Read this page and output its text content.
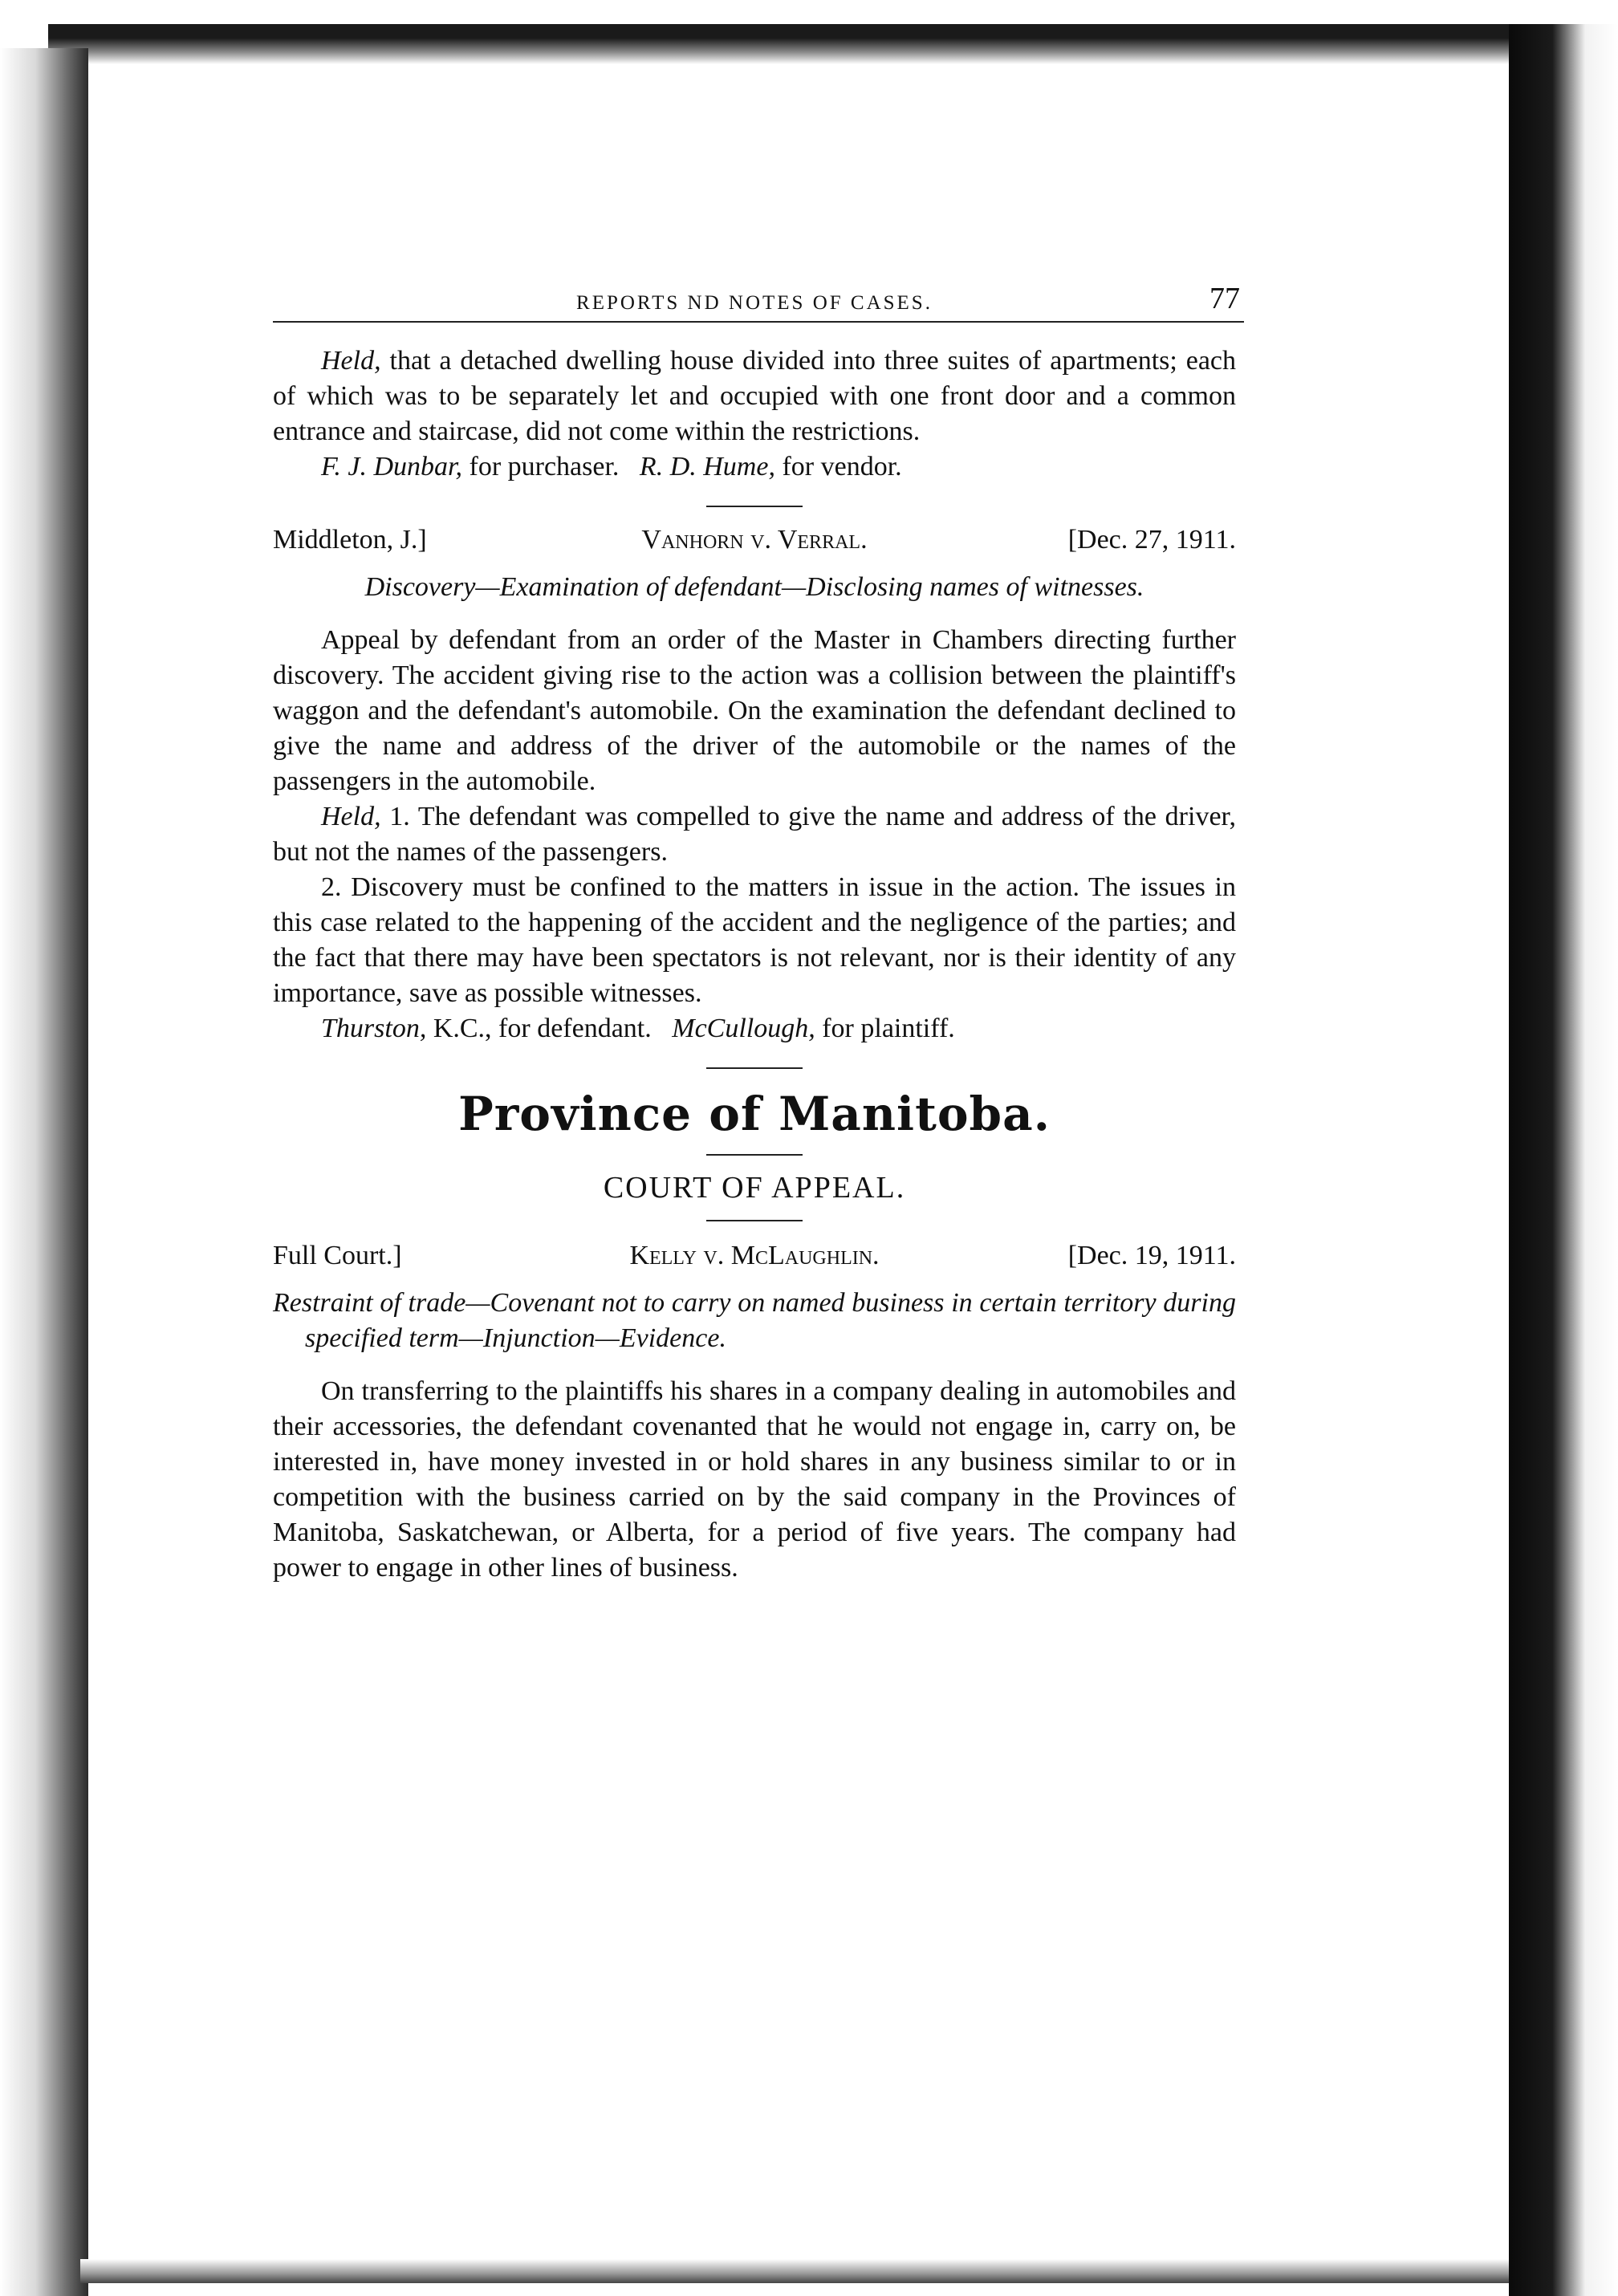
REPORTS ND NOTES OF CASES.	77

Held, that a detached dwelling house divided into three suites of apartments; each of which was to be separately let and occupied with one front door and a common entrance and staircase, did not come within the restrictions.

F. J. Dunbar, for purchaser. R. D. Hume, for vendor.

Middleton, J.]	Vanhorn v. Verral.	[Dec. 27, 1911.
Discovery—Examination of defendant—Disclosing names of witnesses.

Appeal by defendant from an order of the Master in Chambers directing further discovery. The accident giving rise to the action was a collision between the plaintiff's waggon and the defendant's automobile. On the examination the defendant declined to give the name and address of the driver of the automobile or the names of the passengers in the automobile.

Held, 1. The defendant was compelled to give the name and address of the driver, but not the names of the passengers.

2. Discovery must be confined to the matters in issue in the action. The issues in this case related to the happening of the accident and the negligence of the parties; and the fact that there may have been spectators is not relevant, nor is their identity of any importance, save as possible witnesses.

Thurston, K.C., for defendant. McCullough, for plaintiff.

Province of Manitoba.
COURT OF APPEAL.
Full Court.]	Kelly v. McLaughlin.	[Dec. 19, 1911.
Restraint of trade—Covenant not to carry on named business in certain territory during specified term—Injunction—Evidence.

On transferring to the plaintiffs his shares in a company dealing in automobiles and their accessories, the defendant covenanted that he would not engage in, carry on, be interested in, have money invested in or hold shares in any business similar to or in competition with the business carried on by the said company in the Provinces of Manitoba, Saskatchewan, or Alberta, for a period of five years. The company had power to engage in other lines of business.
